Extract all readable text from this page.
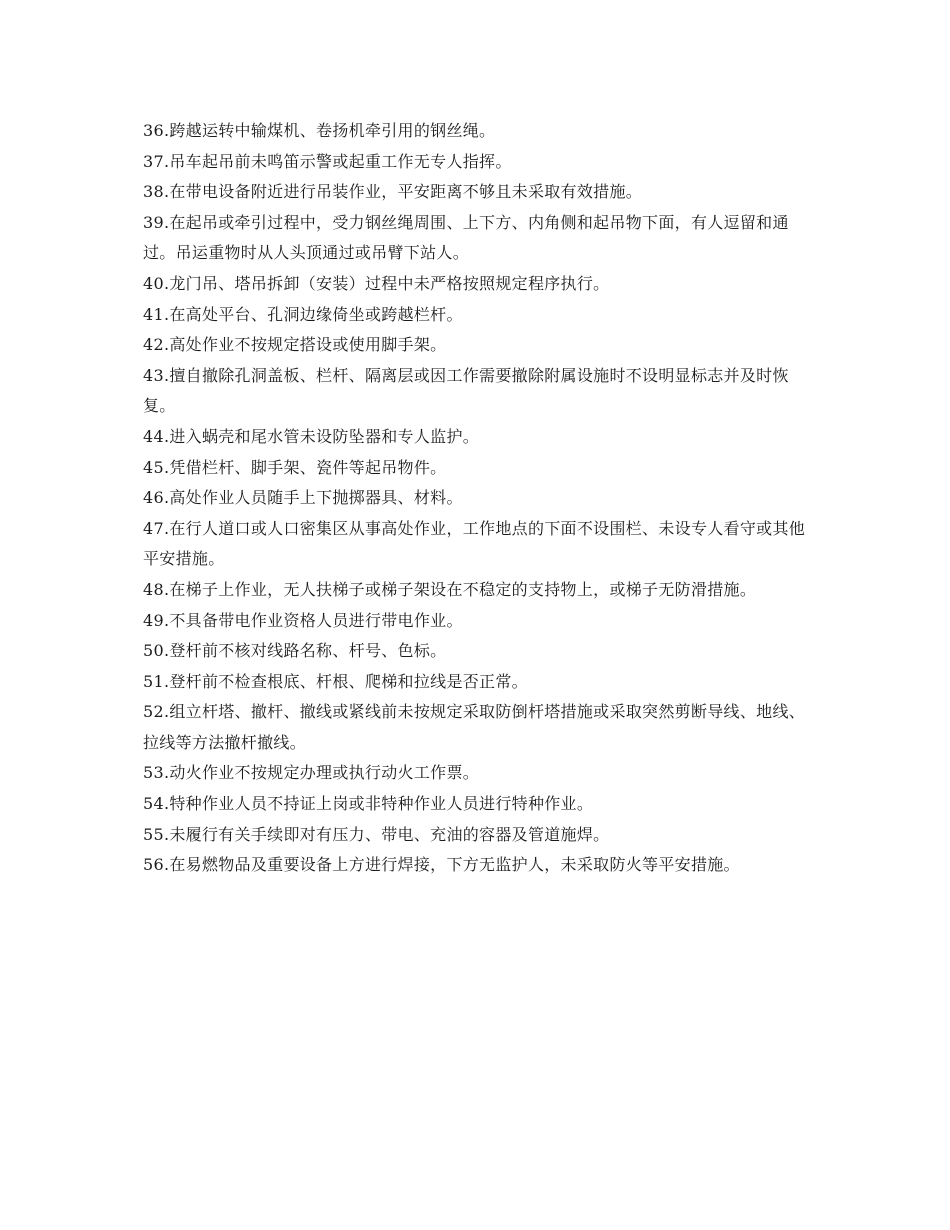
36.跨越运转中输煤机、卷扬机牵引用的钢丝绳。

37.吊车起吊前未鸣笛示警或起重工作无专人指挥。

38.在带电设备附近进行吊装作业，平安距离不够且未采取有效措施。

39.在起吊或牵引过程中，受力钢丝绳周围、上下方、内角侧和起吊物下面，有人逗留和通过。吊运重物时从人头顶通过或吊臂下站人。

40.龙门吊、塔吊拆卸（安装）过程中未严格按照规定程序执行。

41.在高处平台、孔洞边缘倚坐或跨越栏杆。

42.高处作业不按规定搭设或使用脚手架。

43.擅自撤除孔洞盖板、栏杆、隔离层或因工作需要撤除附属设施时不设明显标志并及时恢复。

44.进入蜗壳和尾水管未设防坠器和专人监护。

45.凭借栏杆、脚手架、瓷件等起吊物件。

46.高处作业人员随手上下抛掷器具、材料。

47.在行人道口或人口密集区从事高处作业，工作地点的下面不设围栏、未设专人看守或其他平安措施。

48.在梯子上作业，无人扶梯子或梯子架设在不稳定的支持物上，或梯子无防滑措施。

49.不具备带电作业资格人员进行带电作业。

50.登杆前不核对线路名称、杆号、色标。

51.登杆前不检查根底、杆根、爬梯和拉线是否正常。

52.组立杆塔、撤杆、撤线或紧线前未按规定采取防倒杆塔措施或采取突然剪断导线、地线、拉线等方法撤杆撤线。

53.动火作业不按规定办理或执行动火工作票。

54.特种作业人员不持证上岗或非特种作业人员进行特种作业。

55.未履行有关手续即对有压力、带电、充油的容器及管道施焊。

56.在易燃物品及重要设备上方进行焊接，下方无监护人，未采取防火等平安措施。
